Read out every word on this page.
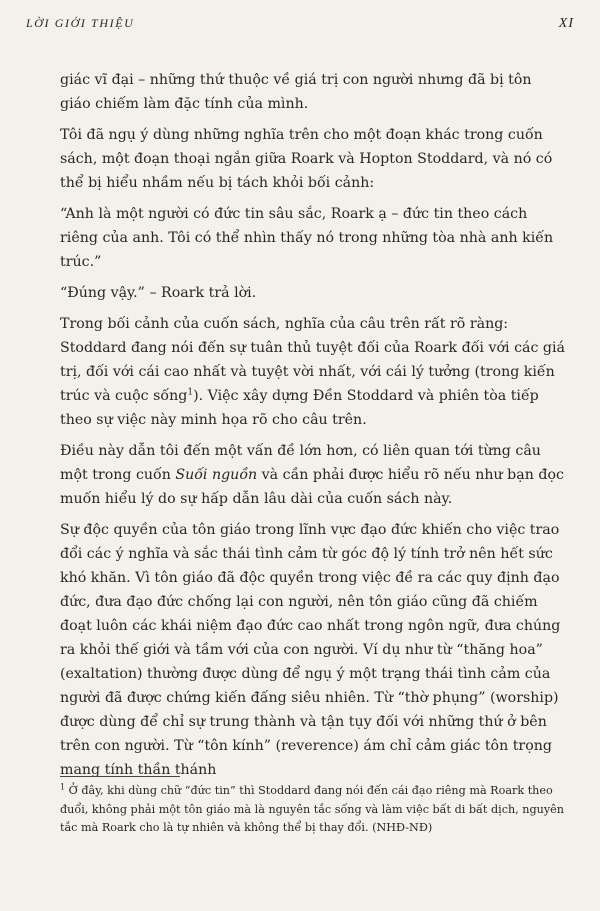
LỜI GIỚI THIỆU	XI

giác vĩ đại – những thứ thuộc về giá trị con người nhưng đã bị tôn giáo chiếm làm đặc tính của mình.

Tôi đã ngụ ý dùng những nghĩa trên cho một đoạn khác trong cuốn sách, một đoạn thoại ngắn giữa Roark và Hopton Stoddard, và nó có thể bị hiểu nhầm nếu bị tách khỏi bối cảnh:

“Anh là một người có đức tin sâu sắc, Roark ạ – đức tin theo cách riêng của anh. Tôi có thể nhìn thấy nó trong những tòa nhà anh kiến trúc.”

“Đúng vậy.” – Roark trả lời.

Trong bối cảnh của cuốn sách, nghĩa của câu trên rất rõ ràng: Stoddard đang nói đến sự tuân thủ tuyệt đối của Roark đối với các giá trị, đối với cái cao nhất và tuyệt vời nhất, với cái lý tưởng (trong kiến trúc và cuộc sống$^1$). Việc xây dựng Đền Stoddard và phiên tòa tiếp theo sự việc này minh họa rõ cho câu trên.

Điều này dẫn tôi đến một vấn đề lớn hơn, có liên quan tới từng câu một trong cuốn Suối nguồn và cần phải được hiểu rõ nếu như bạn đọc muốn hiểu lý do sự hấp dẫn lâu dài của cuốn sách này.

Sự độc quyền của tôn giáo trong lĩnh vực đạo đức khiến cho việc trao đổi các ý nghĩa và sắc thái tình cảm từ góc độ lý tính trở nên hết sức khó khăn. Vì tôn giáo đã độc quyền trong việc đề ra các quy định đạo đức, đưa đạo đức chống lại con người, nên tôn giáo cũng đã chiếm đoạt luôn các khái niệm đạo đức cao nhất trong ngôn ngữ, đưa chúng ra khỏi thế giới và tầm với của con người. Ví dụ như từ “thăng hoa” (exaltation) thường được dùng để ngụ ý một trạng thái tình cảm của người đã được chứng kiến đấng siêu nhiên. Từ “thờ phụng” (worship) được dùng để chỉ sự trung thành và tận tụy đối với những thứ ở bên trên con người. Từ “tôn kính” (reverence) ám chỉ cảm giác tôn trọng mang tính thần thánh

$^1$ Ở đây, khi dùng chữ “đức tin” thì Stoddard đang nói đến cái đạo riêng mà Roark theo đuổi, không phải một tôn giáo mà là nguyên tắc sống và làm việc bất di bất dịch, nguyên tắc mà Roark cho là tự nhiên và không thể bị thay đổi. (NHĐ-NĐ)
